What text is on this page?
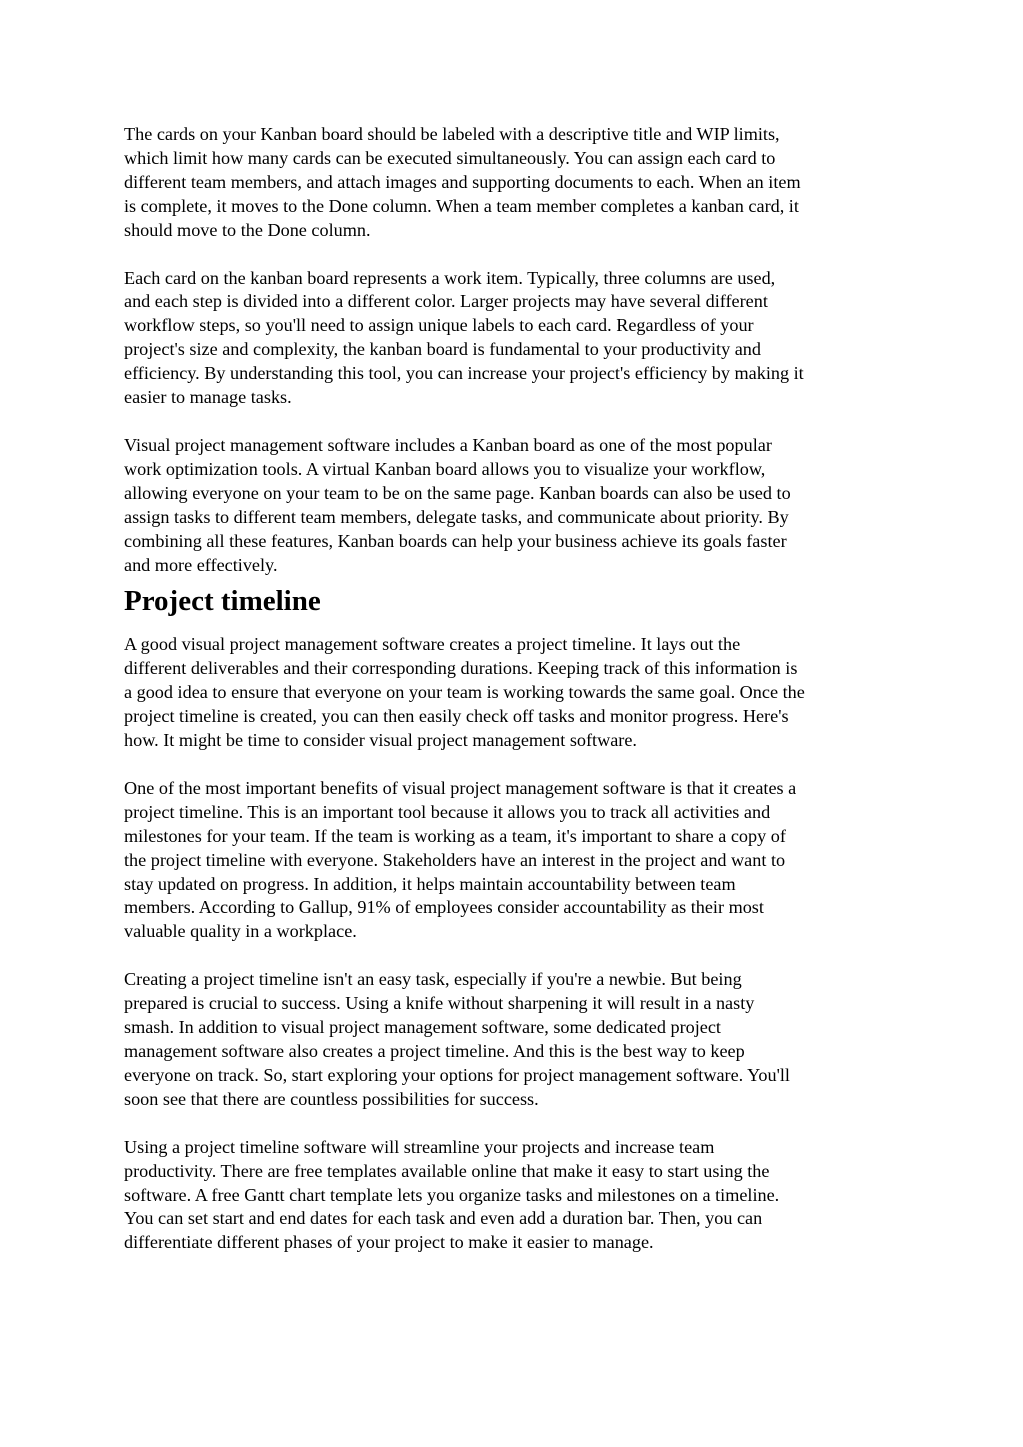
The cards on your Kanban board should be labeled with a descriptive title and WIP limits,
which limit how many cards can be executed simultaneously. You can assign each card to
different team members, and attach images and supporting documents to each. When an item
is complete, it moves to the Done column. When a team member completes a kanban card, it
should move to the Done column.

Each card on the kanban board represents a work item. Typically, three columns are used,
and each step is divided into a different color. Larger projects may have several different
workflow steps, so you'll need to assign unique labels to each card. Regardless of your
project's size and complexity, the kanban board is fundamental to your productivity and
efficiency. By understanding this tool, you can increase your project's efficiency by making it
easier to manage tasks.

Visual project management software includes a Kanban board as one of the most popular
work optimization tools. A virtual Kanban board allows you to visualize your workflow,
allowing everyone on your team to be on the same page. Kanban boards can also be used to
assign tasks to different team members, delegate tasks, and communicate about priority. By
combining all these features, Kanban boards can help your business achieve its goals faster
and more effectively.

Project timeline

A good visual project management software creates a project timeline. It lays out the
different deliverables and their corresponding durations. Keeping track of this information is
a good idea to ensure that everyone on your team is working towards the same goal. Once the
project timeline is created, you can then easily check off tasks and monitor progress. Here's
how. It might be time to consider visual project management software.

One of the most important benefits of visual project management software is that it creates a
project timeline. This is an important tool because it allows you to track all activities and
milestones for your team. If the team is working as a team, it's important to share a copy of
the project timeline with everyone. Stakeholders have an interest in the project and want to
stay updated on progress. In addition, it helps maintain accountability between team
members. According to Gallup, 91% of employees consider accountability as their most
valuable quality in a workplace.

Creating a project timeline isn't an easy task, especially if you're a newbie. But being
prepared is crucial to success. Using a knife without sharpening it will result in a nasty
smash. In addition to visual project management software, some dedicated project
management software also creates a project timeline. And this is the best way to keep
everyone on track. So, start exploring your options for project management software. You'll
soon see that there are countless possibilities for success.

Using a project timeline software will streamline your projects and increase team
productivity. There are free templates available online that make it easy to start using the
software. A free Gantt chart template lets you organize tasks and milestones on a timeline.
You can set start and end dates for each task and even add a duration bar. Then, you can
differentiate different phases of your project to make it easier to manage.
